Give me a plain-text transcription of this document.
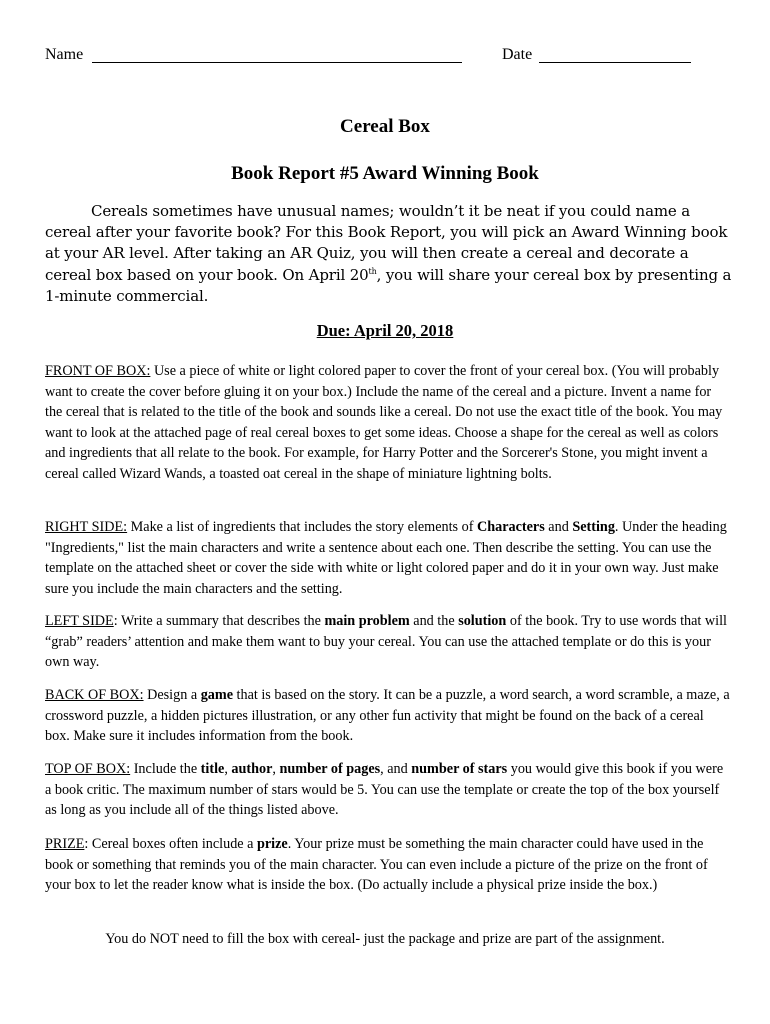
Name	Date
Cereal Box
Book Report #5 Award Winning Book
Cereals sometimes have unusual names; wouldn’t it be neat if you could name a cereal after your favorite book? For this Book Report, you will pick an Award Winning book at your AR level. After taking an AR Quiz, you will then create a cereal and decorate a cereal box based on your book. On April 20th, you will share your cereal box by presenting a 1-minute commercial.
Due: April 20, 2018
FRONT OF BOX: Use a piece of white or light colored paper to cover the front of your cereal box. (You will probably want to create the cover before gluing it on your box.) Include the name of the cereal and a picture. Invent a name for the cereal that is related to the title of the book and sounds like a cereal. Do not use the exact title of the book. You may want to look at the attached page of real cereal boxes to get some ideas. Choose a shape for the cereal as well as colors and ingredients that all relate to the book. For example, for Harry Potter and the Sorcerer's Stone, you might invent a cereal called Wizard Wands, a toasted oat cereal in the shape of miniature lightning bolts.
RIGHT SIDE: Make a list of ingredients that includes the story elements of Characters and Setting. Under the heading "Ingredients," list the main characters and write a sentence about each one. Then describe the setting. You can use the template on the attached sheet or cover the side with white or light colored paper and do it in your own way. Just make sure you include the main characters and the setting.
LEFT SIDE: Write a summary that describes the main problem and the solution of the book. Try to use words that will “grab” readers’ attention and make them want to buy your cereal. You can use the attached template or do this is your own way.
BACK OF BOX: Design a game that is based on the story. It can be a puzzle, a word search, a word scramble, a maze, a crossword puzzle, a hidden pictures illustration, or any other fun activity that might be found on the back of a cereal box. Make sure it includes information from the book.
TOP OF BOX: Include the title, author, number of pages, and number of stars you would give this book if you were a book critic. The maximum number of stars would be 5. You can use the template or create the top of the box yourself as long as you include all of the things listed above.
PRIZE: Cereal boxes often include a prize. Your prize must be something the main character could have used in the book or something that reminds you of the main character. You can even include a picture of the prize on the front of your box to let the reader know what is inside the box. (Do actually include a physical prize inside the box.)
You do NOT need to fill the box with cereal- just the package and prize are part of the assignment.
